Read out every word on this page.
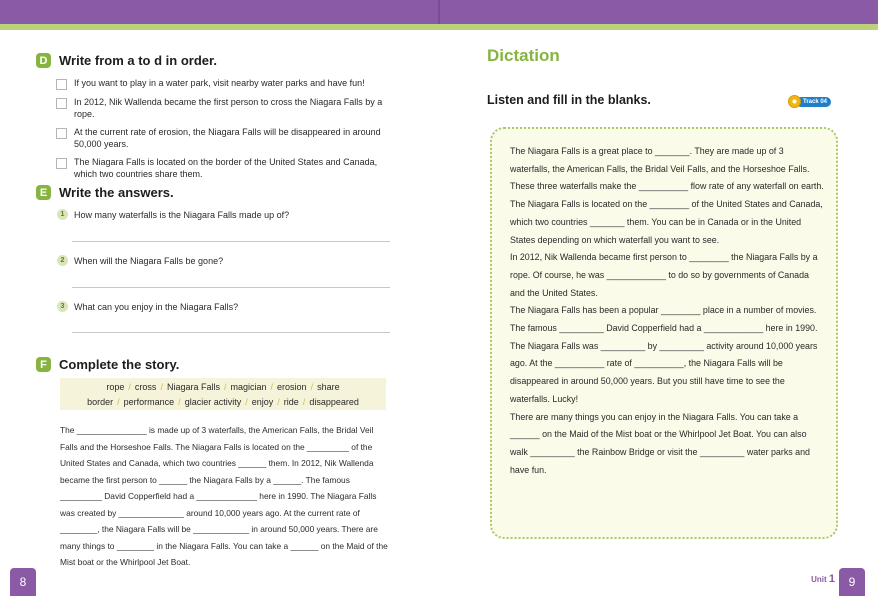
D Write from a to d in order.
If you want to play in a water park, visit nearby water parks and have fun!
In 2012, Nik Wallenda became the first person to cross the Niagara Falls by a rope.
At the current rate of erosion, the Niagara Falls will be disappeared in around 50,000 years.
The Niagara Falls is located on the border of the United States and Canada, which two countries share them.
E Write the answers.
1	How many waterfalls is the Niagara Falls made up of?
2	When will the Niagara Falls be gone?
3	What can you enjoy in the Niagara Falls?
F Complete the story.
rope / cross / Niagara Falls / magician / erosion / share
border / performance / glacier activity / enjoy / ride / disappeared
The _______________ is made up of 3 waterfalls, the American Falls, the Bridal Veil Falls and the Horseshoe Falls. The Niagara Falls is located on the _________ of the United States and Canada, which two countries ______ them. In 2012, Nik Wallenda became the first person to ______ the Niagara Falls by a ______. The famous _________ David Copperfield had a _____________ here in 1990. The Niagara Falls was created by ______________ around 10,000 years ago. At the current rate of ________, the Niagara Falls will be ____________ in around 50,000 years. There are many things to ________ in the Niagara Falls. You can take a ______ on the Maid of the Mist boat or the Whirlpool Jet Boat.
8
Dictation
Listen and fill in the blanks.	Track 04

The Niagara Falls is a great place to _______. They are made up of 3 waterfalls, the American Falls, the Bridal Veil Falls, and the Horseshoe Falls. These three waterfalls make the __________ flow rate of any waterfall on earth.

The Niagara Falls is located on the ________ of the United States and Canada, which two countries _______ them. You can be in Canada or in the United States depending on which waterfall you want to see.

In 2012, Nik Wallenda became first person to ________ the Niagara Falls by a rope. Of course, he was ____________ to do so by governments of Canada and the United States.

The Niagara Falls has been a popular ________ place in a number of movies. The famous _________ David Copperfield had a ____________ here in 1990.

The Niagara Falls was _________ by _________ activity around 10,000 years ago. At the __________ rate of __________, the Niagara Falls will be disappeared in around 50,000 years. But you still have time to see the waterfalls. Lucky!

There are many things you can enjoy in the Niagara Falls. You can take a ______ on the Maid of the Mist boat or the Whirlpool Jet Boat. You can also walk _________ the Rainbow Bridge or visit the _________ water parks and have fun.

Unit 1	9
